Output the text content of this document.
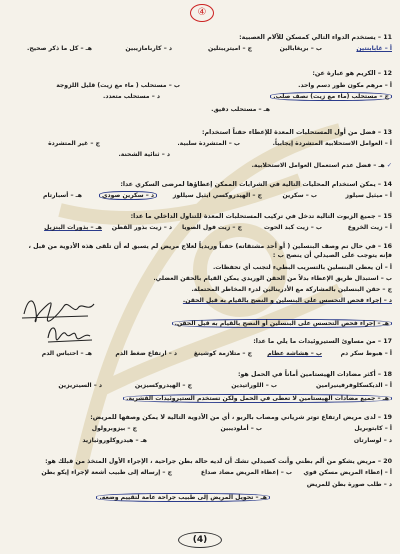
④
11 – يستخدم الدواء التالي كمسكن للآلام العصبية:
أ – غابابنتين
ب – بريغابالين
ج – اميتريبتلين
د – كاربامازيبين
هـ – كل ما ذكر صحيح.
12 – الكريم هو عبارة عن:
أ – مرهم مكون طور دسم واحد.
ب – مستحلب ( ماء مع زيت) قليل اللزوجة
ج – مستحلب (ماء مع زيت) نصف صلب.
د – مستحلب متعدد.
هـ – مستحلب دقيق.
13 – فضل من أول المستحلبات المعدة للإعطاء حقناً استخدام:
أ – العوامل الاستحلابية المتشردة إيجابياً.
ب – المتشردة سلبية.
ج – غير المتشردة
د – ثنائية الشحنة.
✓ هـ – فضل عدم استعمال العوامل الاستحلابية.
14 – يمكن استخدام المحليات التالية في الشرابات الممكن إعطاؤها لمرضى السكري عدا:
أ – ميثيل سيلوز
ب – سكرين
ج – الهيدروكسي ايثيل سيللوز
د – سكرين صودي
هـ – أسبارتام
15 – جميع الزيوت التالية تدخل في تركيب المستحلبات المعدة للتناول الداخلي ما عدا:
أ – زيت الخروع
ب – زيت كبد الحوت
ج – زيت فول الصويا
د – زيت بذور القطن
هـ – بذورات البنزيل
16 – في حال تم وصف البنسلين ( أو أحد مشتقاته) حقناً وريدياً لعلاج مريض لم يسبق له أن تلقى هذه الأدوية من قبل ،
فإنه يتوجب على الصيدلي أن ينصح ب :
أ – أن يعطى البنسلين بالتسريب البطيء لتجنب أي تحفظات.
ب – استبدال طريق الإعطاء بدلاً من الحقن الوريدي يمكن القيام بالحقن العضلي.
ج – حقن البنسلين بالمشاركة مع الأدرينالين لدرء المخاطر المحتملة.
د – إجراء فحص التحسس على البنسلين و النصح بالقيام به قبل الحقن.
هـ – إجراء فحص التحسس على البنسلين أو النصح بالقيام به قبل الحقن.
17 – من مساوئ الستيروئيدات ما يلي ما عدا:
أ – هبوط سكر دم
ب – هشاشة عظام
ج – متلازمة كوشينغ
د – ارتفاع ضغط الدم
هـ – احتباس الدم
18 – أكثر مضادات الهيستامين أماناً في الحمل هو:
أ – الديكسكلوفرفينيرامين
ب – اللوراتيدين
ج – الهيدروكسيزين
د – السيتريزين
هـ – جميع مضادات الهيستامين لا تعطى في الحمل ولكن تستخدم الستيروئيدات القشرية.
19 – لدى مريض ارتفاع توتر شرياني ومصاب بالربو ، أي من الأدوية التالية لا يمكن وصفها للمريض:
أ – كابتوبريل
ب – أملوديبين
ج – بيزوبرولول
د – لوسارتان
هـ – هيدروكلوروثيازيد
20 – مريض يشكو من ألم بطني وأنت كصيدلي تشك أن لديه حالة بطن جراحية ، الإجراء الأول المتخذ من قبلك هو:
أ – إعطاء المريض مسكن قوي
ب – إعطاء المريض مضاد صداع
ج – إرساله إلى طبيب أشعة لإجراء إيكو بطن
د – طلب صورة بطن للمريض
هـ – تحويل المريض إلى طبيب جراحة عامة لتقييم وضعه.
(4)
